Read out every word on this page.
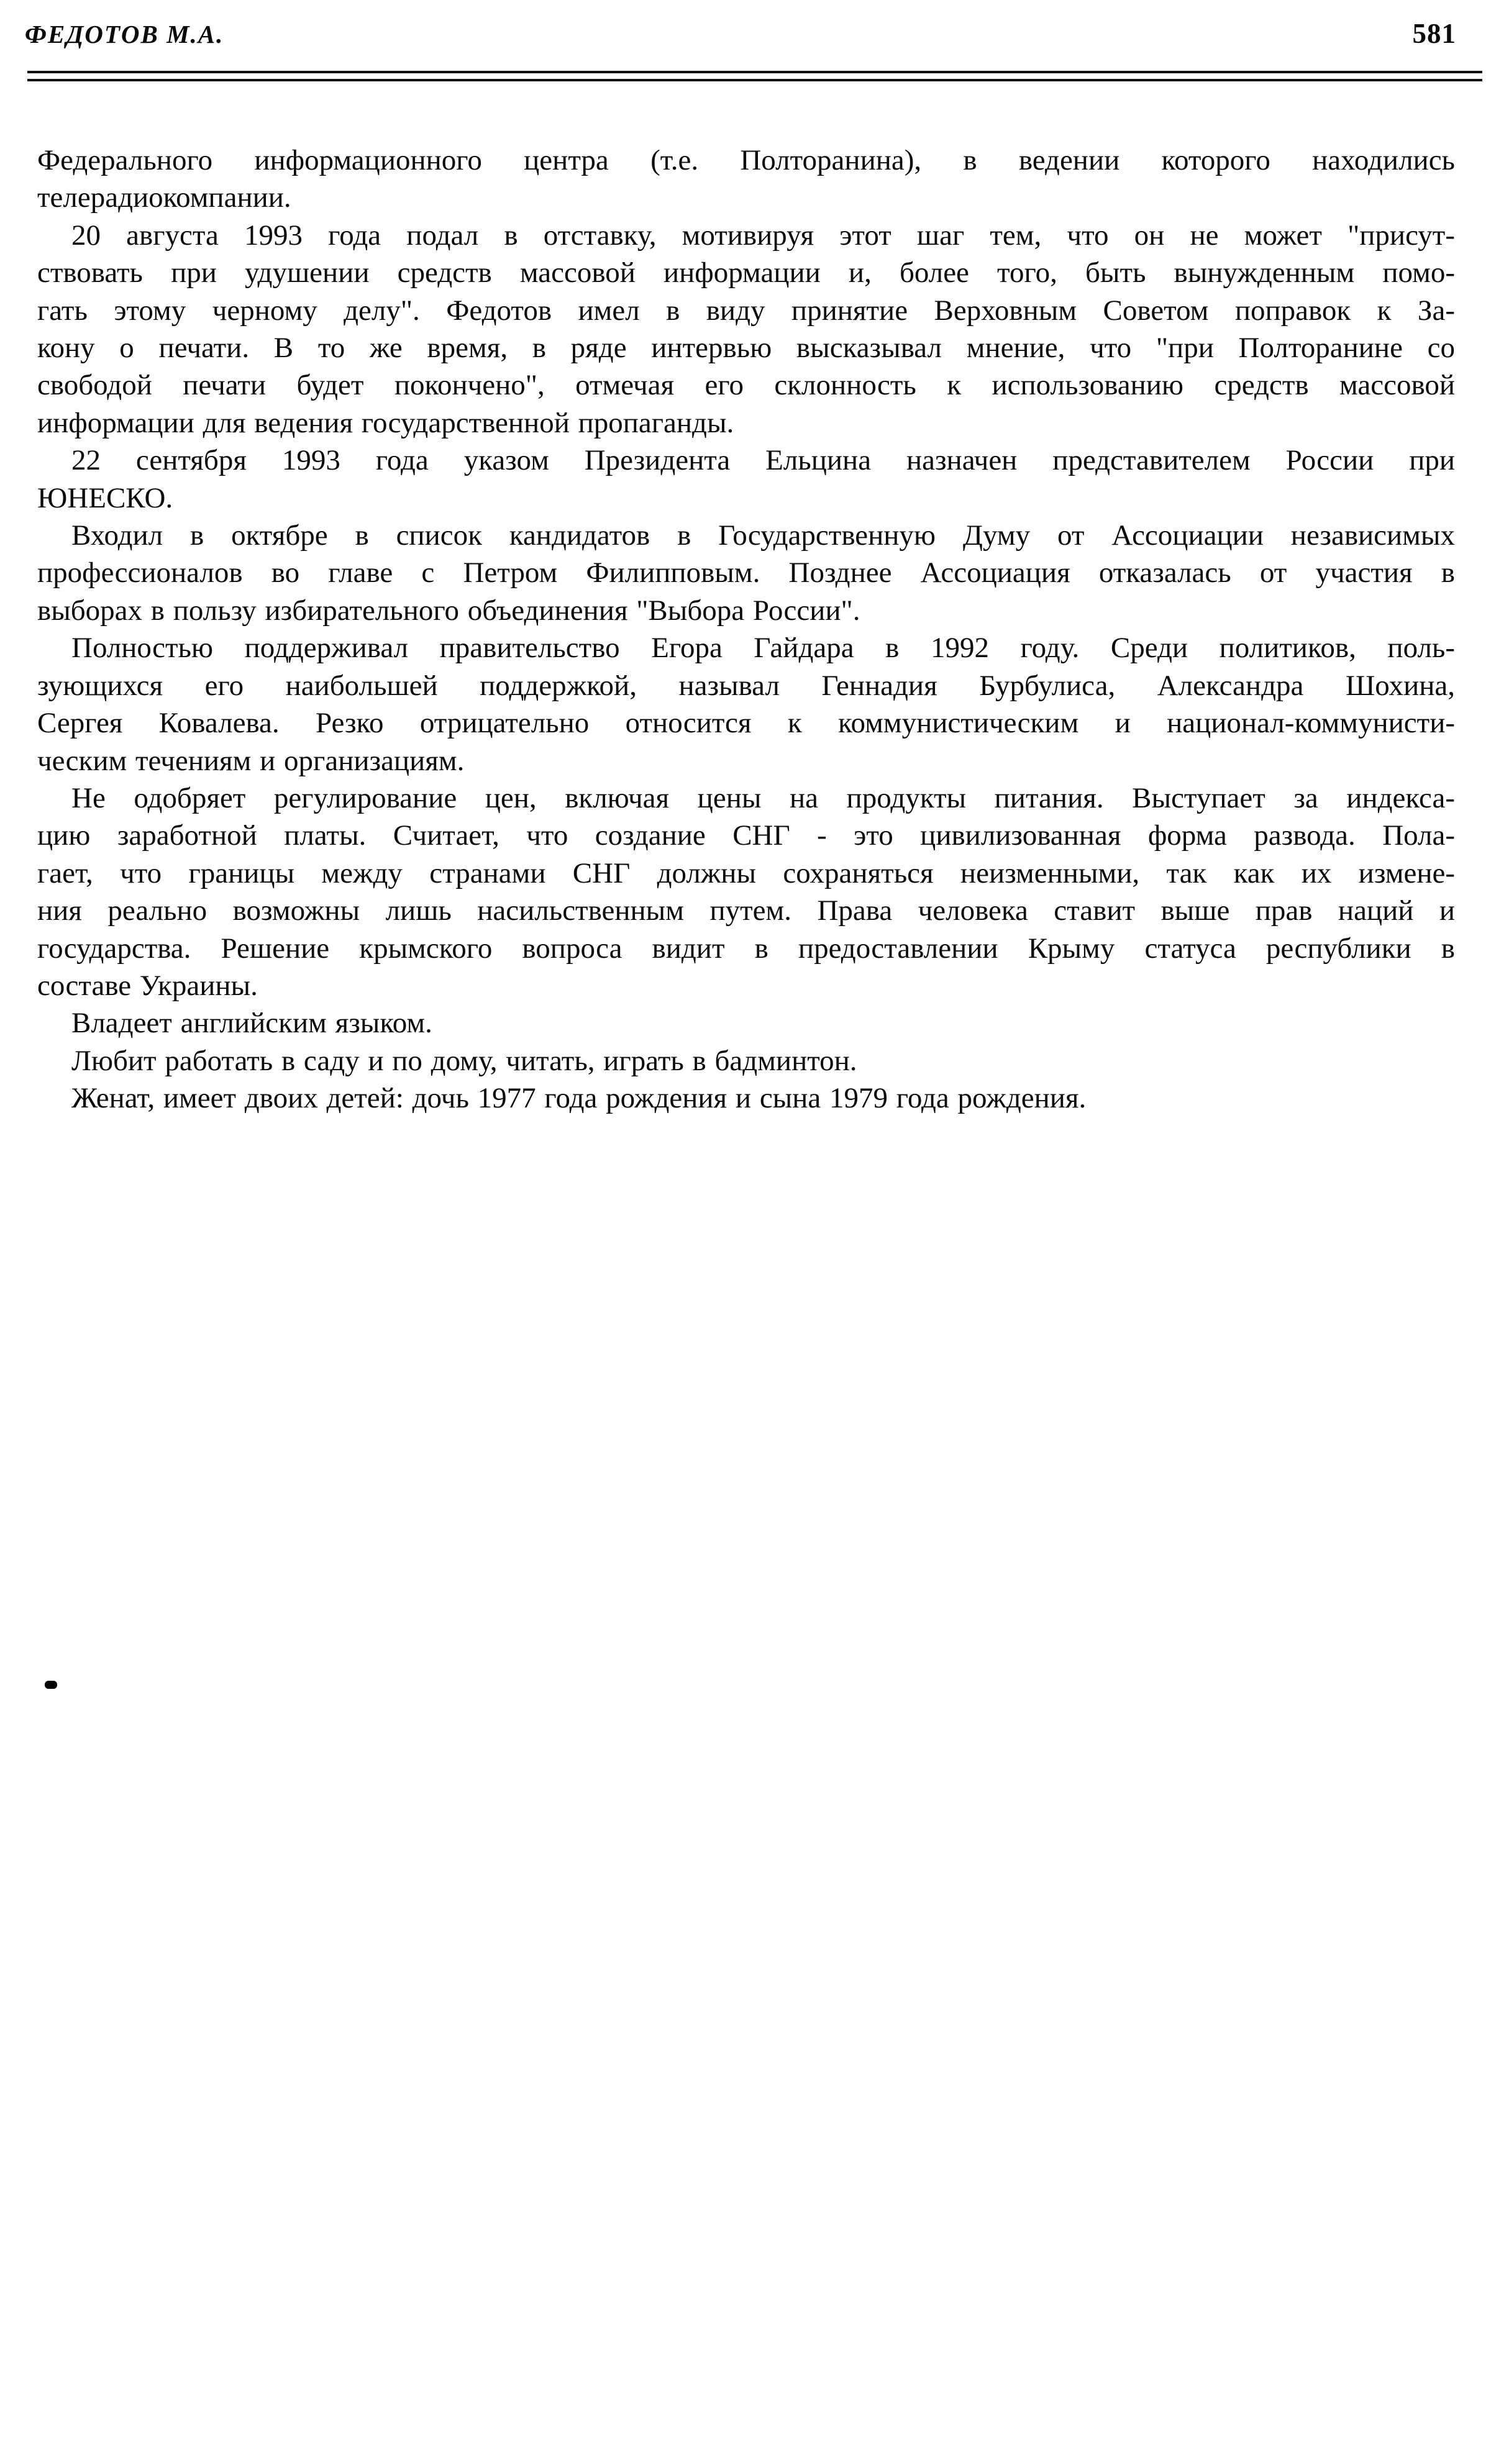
ФЕДОТОВ М.А.	581
Федерального информационного центра (т.е. Полторанина), в ведении которого находились
телерадиокомпании.
20 августа 1993 года подал в отставку, мотивируя этот шаг тем, что он не может "присут-
ствовать при удушении средств массовой информации и, более того, быть вынужденным помо-
гать этому черному делу". Федотов имел в виду принятие Верховным Советом поправок к За-
кону о печати. В то же время, в ряде интервью высказывал мнение, что "при Полторанине со
свободой печати будет покончено", отмечая его склонность к использованию средств массовой
информации для ведения государственной пропаганды.
22 сентября 1993 года указом Президента Ельцина назначен представителем России при
ЮНЕСКО.
Входил в октябре в список кандидатов в Государственную Думу от Ассоциации независимых
профессионалов во главе с Петром Филипповым. Позднее Ассоциация отказалась от участия в
выборах в пользу избирательного объединения "Выбора России".
Полностью поддерживал правительство Егора Гайдара в 1992 году. Среди политиков, поль-
зующихся его наибольшей поддержкой, называл Геннадия Бурбулиса, Александра Шохина,
Сергея Ковалева. Резко отрицательно относится к коммунистическим и национал-коммунисти-
ческим течениям и организациям.
Не одобряет регулирование цен, включая цены на продукты питания. Выступает за индекса-
цию заработной платы. Считает, что создание СНГ - это цивилизованная форма развода. Пола-
гает, что границы между странами СНГ должны сохраняться неизменными, так как их измене-
ния реально возможны лишь насильственным путем. Права человека ставит выше прав наций и
государства. Решение крымского вопроса видит в предоставлении Крыму статуса республики в
составе Украины.
Владеет английским языком.
Любит работать в саду и по дому, читать, играть в бадминтон.
Женат, имеет двоих детей: дочь 1977 года рождения и сына 1979 года рождения.
